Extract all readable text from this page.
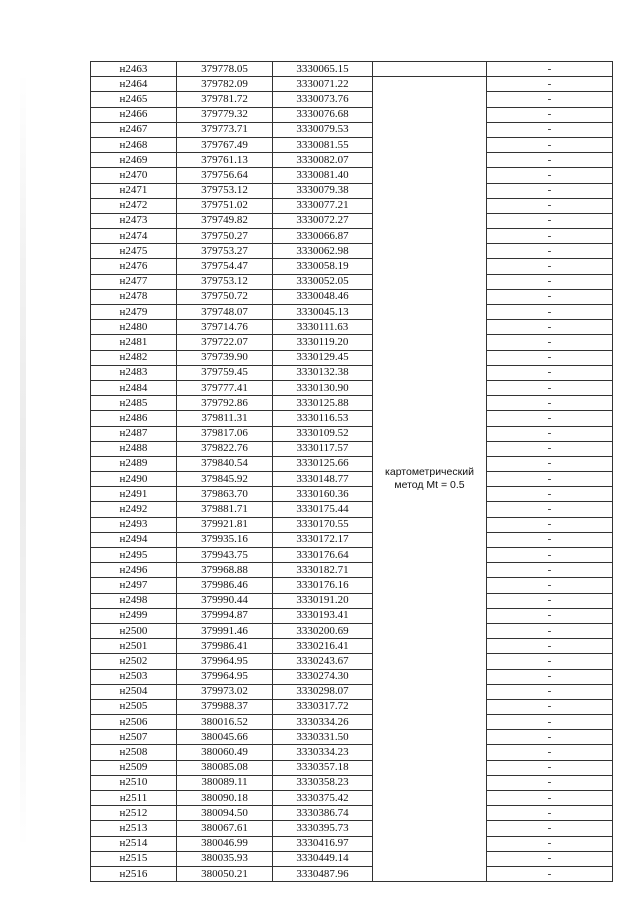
н2463	379778.05	3330065.15		-
н2464	379782.09	3330071.22	картометрический метод Mt = 0.5	-
н2465	379781.72	3330073.76		-
н2466	379779.32	3330076.68		-
н2467	379773.71	3330079.53		-
н2468	379767.49	3330081.55		-
н2469	379761.13	3330082.07		-
н2470	379756.64	3330081.40		-
н2471	379753.12	3330079.38		-
н2472	379751.02	3330077.21		-
н2473	379749.82	3330072.27		-
н2474	379750.27	3330066.87		-
н2475	379753.27	3330062.98		-
н2476	379754.47	3330058.19		-
н2477	379753.12	3330052.05		-
н2478	379750.72	3330048.46		-
н2479	379748.07	3330045.13		-
н2480	379714.76	3330111.63		-
н2481	379722.07	3330119.20		-
н2482	379739.90	3330129.45		-
н2483	379759.45	3330132.38		-
н2484	379777.41	3330130.90		-
н2485	379792.86	3330125.88		-
н2486	379811.31	3330116.53		-
н2487	379817.06	3330109.52		-
н2488	379822.76	3330117.57		-
н2489	379840.54	3330125.66		-
н2490	379845.92	3330148.77		-
н2491	379863.70	3330160.36		-
н2492	379881.71	3330175.44		-
н2493	379921.81	3330170.55		-
н2494	379935.16	3330172.17		-
н2495	379943.75	3330176.64		-
н2496	379968.88	3330182.71		-
н2497	379986.46	3330176.16		-
н2498	379990.44	3330191.20		-
н2499	379994.87	3330193.41		-
н2500	379991.46	3330200.69		-
н2501	379986.41	3330216.41		-
н2502	379964.95	3330243.67		-
н2503	379964.95	3330274.30		-
н2504	379973.02	3330298.07		-
н2505	379988.37	3330317.72		-
н2506	380016.52	3330334.26		-
н2507	380045.66	3330331.50		-
н2508	380060.49	3330334.23		-
н2509	380085.08	3330357.18		-
н2510	380089.11	3330358.23		-
н2511	380090.18	3330375.42		-
н2512	380094.50	3330386.74		-
н2513	380067.61	3330395.73		-
н2514	380046.99	3330416.97		-
н2515	380035.93	3330449.14		-
н2516	380050.21	3330487.96		-
